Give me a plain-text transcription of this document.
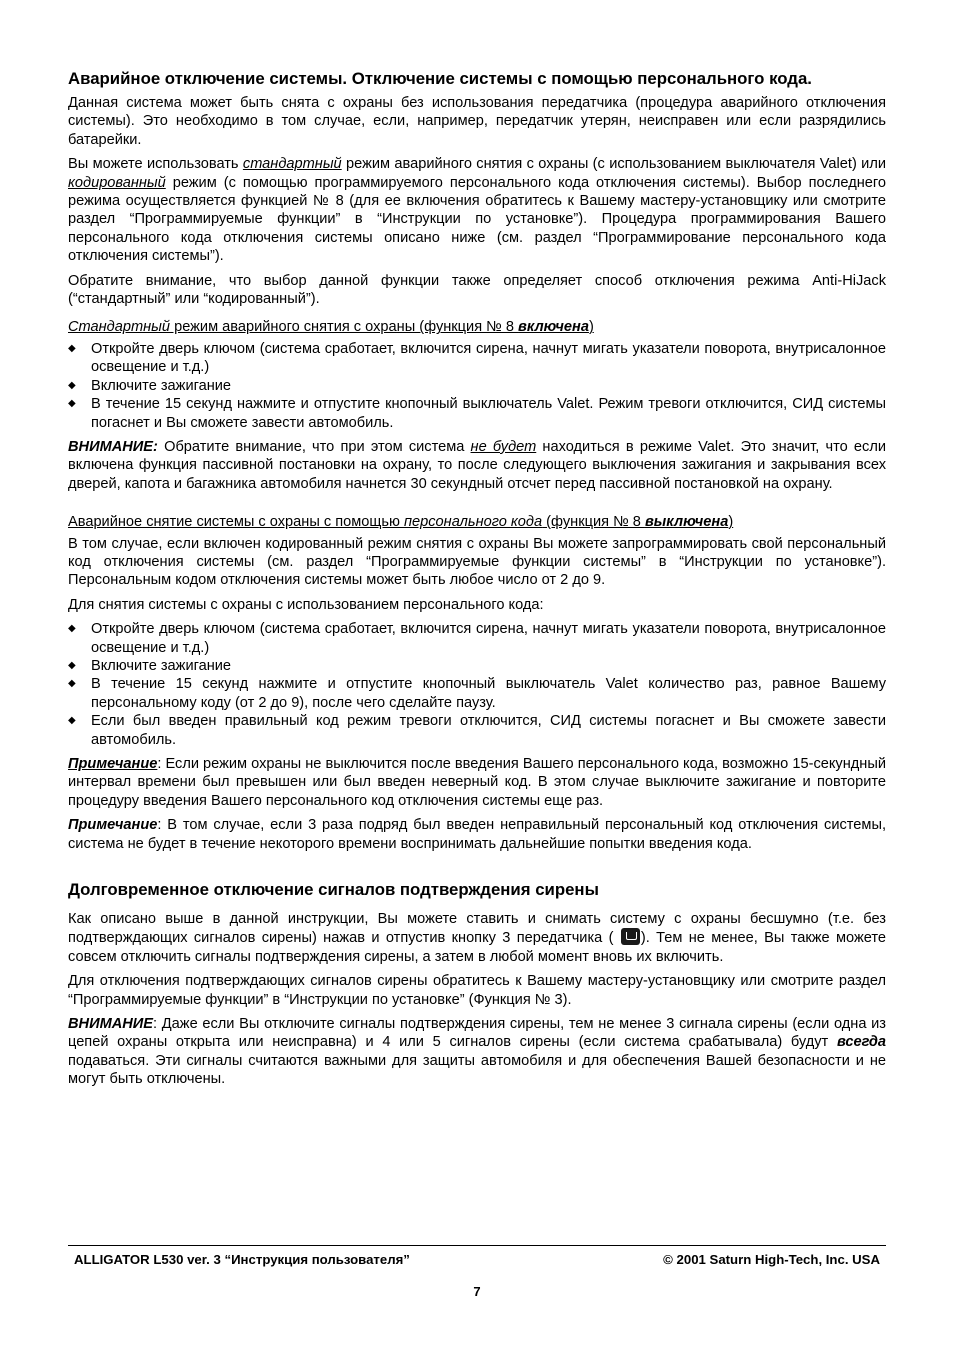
Аварийное отключение системы. Отключение системы с помощью персонального кода.

Данная система может быть снята с охраны без использования передатчика (процедура аварийного отключения системы). Это необходимо в том случае, если, например, передатчик утерян, неисправен или если разрядились батарейки.

Вы можете использовать стандартный режим аварийного снятия с охраны (с использованием выключателя Valet) или кодированный режим (с помощью программируемого персонального кода отключения системы). Выбор последнего режима осуществляется функцией № 8 (для ее включения обратитесь к Вашему мастеру-установщику или смотрите раздел “Программируемые функции” в “Инструкции по установке”). Процедура программирования Вашего персонального кода отключения системы описано ниже (см. раздел “Программирование персонального кода отключения системы”).

Обратите внимание, что выбор данной функции также определяет способ отключения режима Anti-HiJack (“стандартный” или “кодированный”).

Стандартный режим аварийного снятия с охраны (функция № 8 включена)
◆ Откройте дверь ключом (система сработает, включится сирена, начнут мигать указатели поворота, внутрисалонное освещение и т.д.)
◆ Включите зажигание
◆ В течение 15 секунд нажмите и отпустите кнопочный выключатель Valet. Режим тревоги отключится, СИД системы погаснет и Вы сможете завести автомобиль.

ВНИМАНИЕ: Обратите внимание, что при этом система не будет находиться в режиме Valet. Это значит, что если включена функция пассивной постановки на охрану, то после следующего выключения зажигания и закрывания всех дверей, капота и багажника автомобиля начнется 30 секундный отсчет перед пассивной постановкой на охрану.

Аварийное снятие системы с охраны с помощью персонального кода (функция № 8 выключена)

В том случае, если включен кодированный режим снятия с охраны Вы можете запрограммировать свой персональный код отключения системы (см. раздел “Программируемые функции системы” в “Инструкции по установке”). Персональным кодом отключения системы может быть любое число от 2 до 9.

Для снятия системы с охраны с использованием персонального кода:

◆ Откройте дверь ключом (система сработает, включится сирена, начнут мигать указатели поворота, внутрисалонное освещение и т.д.)
◆ Включите зажигание
◆ В течение 15 секунд нажмите и отпустите кнопочный выключатель Valet количество раз, равное Вашему персональному коду (от 2 до 9), после чего сделайте паузу.
◆ Если был введен правильный код режим тревоги отключится, СИД системы погаснет и Вы сможете завести автомобиль.

Примечание: Если режим охраны не выключится после введения Вашего персонального кода, возможно 15-секундный интервал времени был превышен или был введен неверный код. В этом случае выключите зажигание и повторите процедуру введения Вашего персонального код отключения системы еще раз.

Примечание: В том случае, если 3 раза подряд был введен неправильный персональный код отключения системы, система не будет в течение некоторого времени воспринимать дальнейшие попытки введения кода.

Долговременное отключение сигналов подтверждения сирены

Как описано выше в данной инструкции, Вы можете ставить и снимать систему с охраны бесшумно (т.е. без подтверждающих сигналов сирены) нажав и отпустив кнопку 3 передатчика ( ). Тем не менее, Вы также можете совсем отключить сигналы подтверждения сирены, а затем в любой момент вновь их включить.

Для отключения подтверждающих сигналов сирены обратитесь к Вашему мастеру-установщику или смотрите раздел “Программируемые функции” в “Инструкции по установке” (Функция № 3).

ВНИМАНИЕ: Даже если Вы отключите сигналы подтверждения сирены, тем не менее 3 сигнала сирены (если одна из цепей охраны открыта или неисправна) и 4 или 5 сигналов сирены (если система срабатывала) будут всегда подаваться. Эти сигналы считаются важными для защиты автомобиля и для обеспечения Вашей безопасности и не могут быть отключены.

ALLIGATOR L530 ver. 3 “Инструкция пользователя”	© 2001 Saturn High-Tech, Inc. USA
7
